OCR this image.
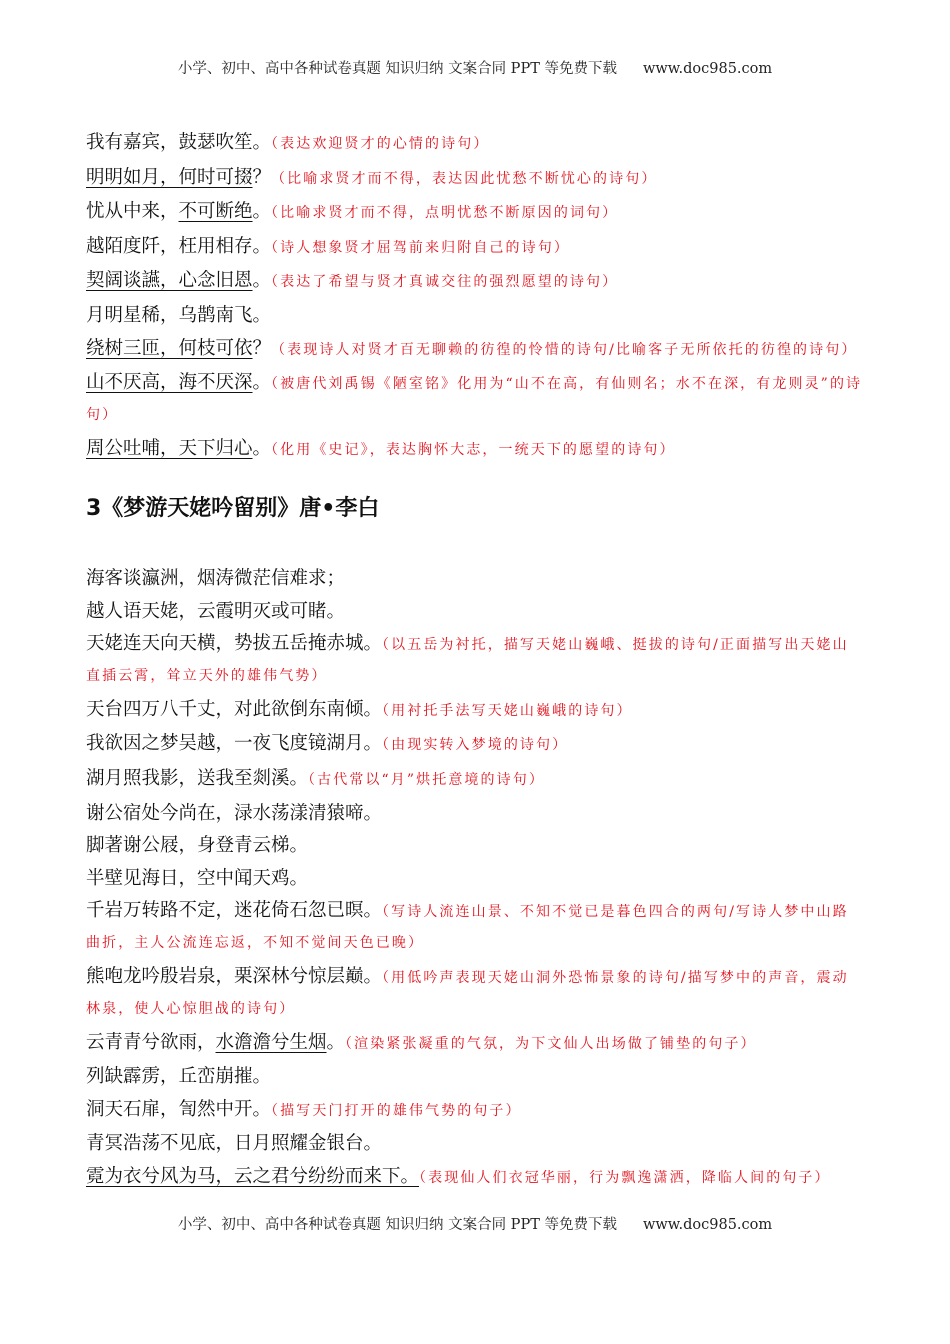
小学、初中、高中各种试卷真题 知识归纳 文案合同 PPT 等免费下载 www.doc985.com
我有嘉宾，鼓瑟吹笙。（表达欢迎贤才的心情的诗句）
明明如月，何时可掇？（比喻求贤才而不得，表达因此忧愁不断忧心的诗句）
忧从中来，不可断绝。（比喻求贤才而不得，点明忧愁不断原因的词句）
越陌度阡，枉用相存。（诗人想象贤才屈驾前来归附自己的诗句）
契阔谈讌，心念旧恩。（表达了希望与贤才真诚交往的强烈愿望的诗句）
月明星稀，乌鹊南飞。
绕树三匝，何枝可依？（表现诗人对贤才百无聊赖的彷徨的怜惜的诗句/比喻客子无所依托的彷徨的诗句）
山不厌高，海不厌深。（被唐代刘禹锡《陋室铭》化用为“山不在高，有仙则名；水不在深，有龙则灵”的诗句）
周公吐哺，天下归心。（化用《史记》，表达胸怀大志，一统天下的愿望的诗句）
3《梦游天姥吟留别》唐•李白
海客谈瀛洲，烟涛微茫信难求；
越人语天姥，云霞明灭或可睹。
天姥连天向天横，势拔五岳掩赤城。（以五岳为衬托，描写天姥山巍峨、挺拔的诗句/正面描写出天姥山直插云霄，耸立天外的雄伟气势）
天台四万八千丈，对此欲倒东南倾。（用衬托手法写天姥山巍峨的诗句）
我欲因之梦吴越，一夜飞度镜湖月。（由现实转入梦境的诗句）
湖月照我影，送我至剡溪。（古代常以“月”烘托意境的诗句）
谢公宿处今尚在，渌水荡漾清猿啼。
脚著谢公屐，身登青云梯。
半壁见海日，空中闻天鸡。
千岩万转路不定，迷花倚石忽已暝。（写诗人流连山景、不知不觉已是暮色四合的两句/写诗人梦中山路曲折，主人公流连忘返，不知不觉间天色已晚）
熊咆龙吟殷岩泉，栗深林兮惊层巅。（用低吟声表现天姥山洞外恐怖景象的诗句/描写梦中的声音，震动林泉，使人心惊胆战的诗句）
云青青兮欲雨，水澹澹兮生烟。（渲染紧张凝重的气氛，为下文仙人出场做了铺垫的句子）
列缺霹雳，丘峦崩摧。
洞天石扉，訇然中开。（描写天门打开的雄伟气势的句子）
青冥浩荡不见底，日月照耀金银台。
霓为衣兮风为马，云之君兮纷纷而来下。（表现仙人们衣冠华丽，行为飘逸潇洒，降临人间的句子）
小学、初中、高中各种试卷真题 知识归纳 文案合同 PPT 等免费下载 www.doc985.com
